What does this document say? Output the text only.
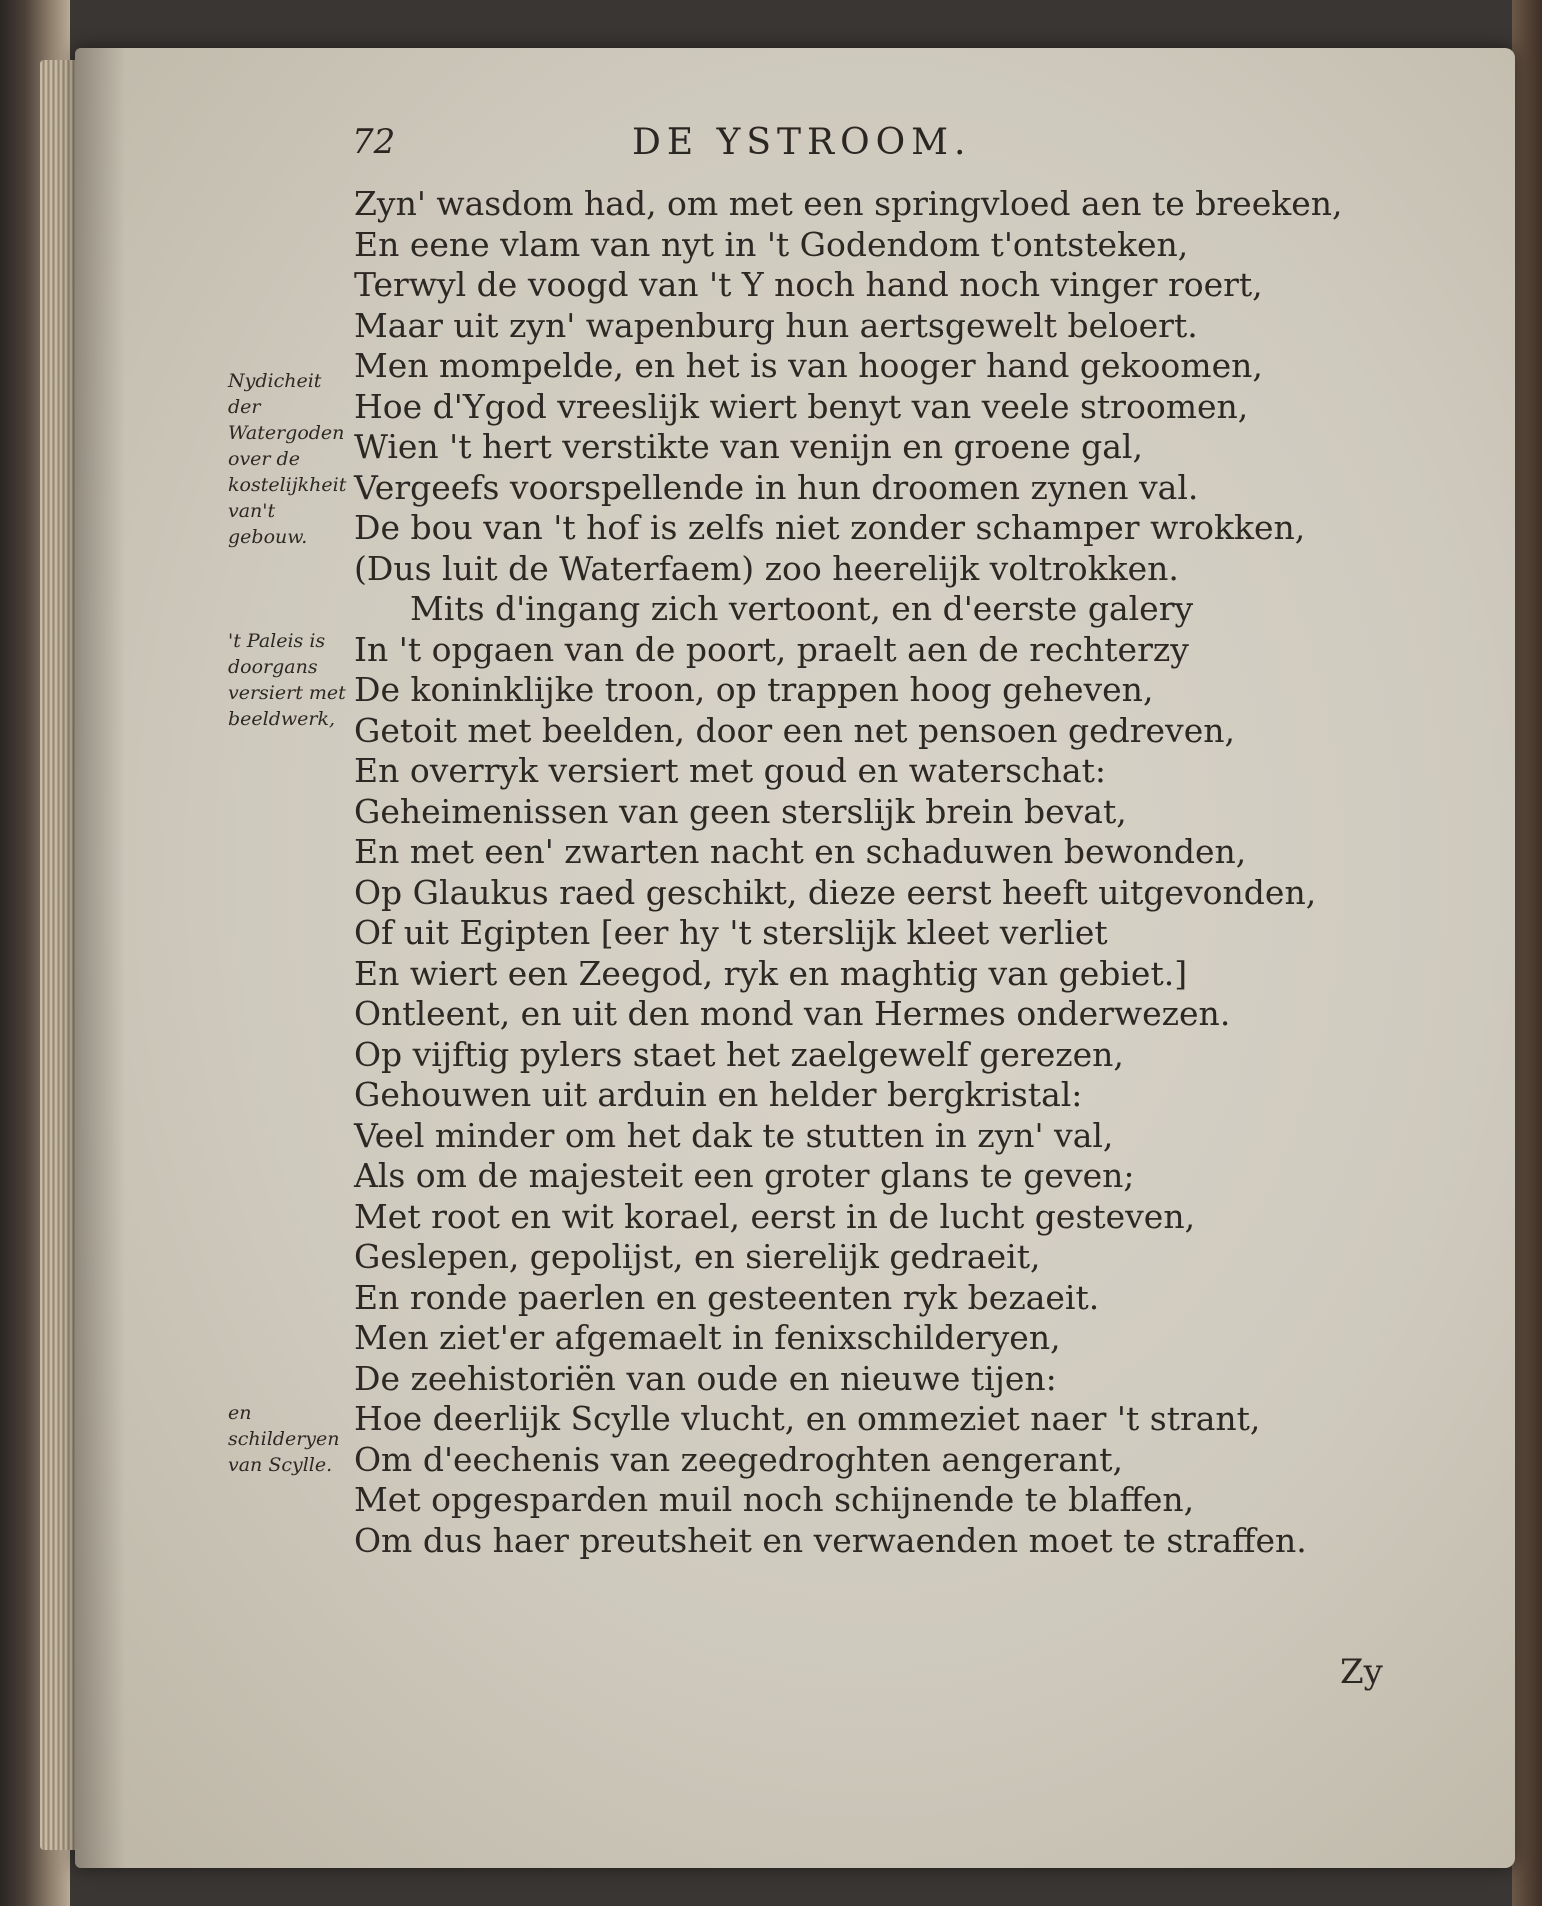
72	DE YSTROOM.
Nydicheit der Watergoden over de kostelijkheit van't gebouw.
't Paleis is doorgans versiert met beeldwerk,
en schilderyen van Scylle.
Zyn' wasdom had, om met een springvloed aen te breeken,
En eene vlam van nyt in 't Godendom t'ontsteken,
Terwyl de voogd van 't Y noch hand noch vinger roert,
Maar uit zyn' wapenburg hun aertsgewelt beloert.
Men mompelde, en het is van hooger hand gekoomen,
Hoe d'Ygod vreeslijk wiert benyt van veele stroomen,
Wien 't hert verstikte van venijn en groene gal,
Vergeefs voorspellende in hun droomen zynen val.
De bou van 't hof is zelfs niet zonder schamper wrokken,
(Dus luit de Waterfaem) zoo heerelijk voltrokken.
Mits d'ingang zich vertoont, en d'eerste galery
In 't opgaen van de poort, praelt aen de rechterzy
De koninklijke troon, op trappen hoog geheven,
Getoit met beelden, door een net pensoen gedreven,
En overryk versiert met goud en waterschat:
Geheimenissen van geen sterslijk brein bevat,
En met een' zwarten nacht en schaduwen bewonden,
Op Glaukus raed geschikt, dieze eerst heeft uitgevonden,
Of uit Egipten [eer hy 't sterslijk kleet verliet
En wiert een Zeegod, ryk en maghtig van gebiet.]
Ontleent, en uit den mond van Hermes onderwezen.
Op vijftig pylers staet het zaelgewelf gerezen,
Gehouwen uit arduin en helder bergkristal:
Veel minder om het dak te stutten in zyn' val,
Als om de majesteit een groter glans te geven;
Met root en wit korael, eerst in de lucht gesteven,
Geslepen, gepolijst, en sierelijk gedraeit,
En ronde paerlen en gesteenten ryk bezaeit.
Men ziet'er afgemaelt in fenixschilderyen,
De zeehistoriën van oude en nieuwe tijen:
Hoe deerlijk Scylle vlucht, en ommeziet naer 't strant,
Om d'eechenis van zeegedroghten aengerant,
Met opgesparden muil noch schijnende te blaffen,
Om dus haer preutsheit en verwaenden moet te straffen.
Zy
